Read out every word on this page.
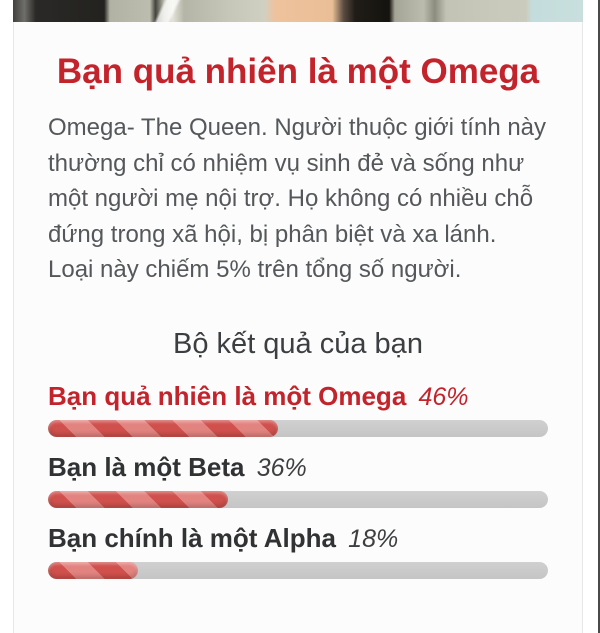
Bạn quả nhiên là một Omega

Omega- The Queen. Người thuộc giới tính này thường chỉ có nhiệm vụ sinh đẻ và sống như một người mẹ nội trợ. Họ không có nhiều chỗ đứng trong xã hội, bị phân biệt và xa lánh. Loại này chiếm 5% trên tổng số người.

Bộ kết quả của bạn
Bạn quả nhiên là một Omega 46%
Bạn là một Beta 36%
Bạn chính là một Alpha 18%
